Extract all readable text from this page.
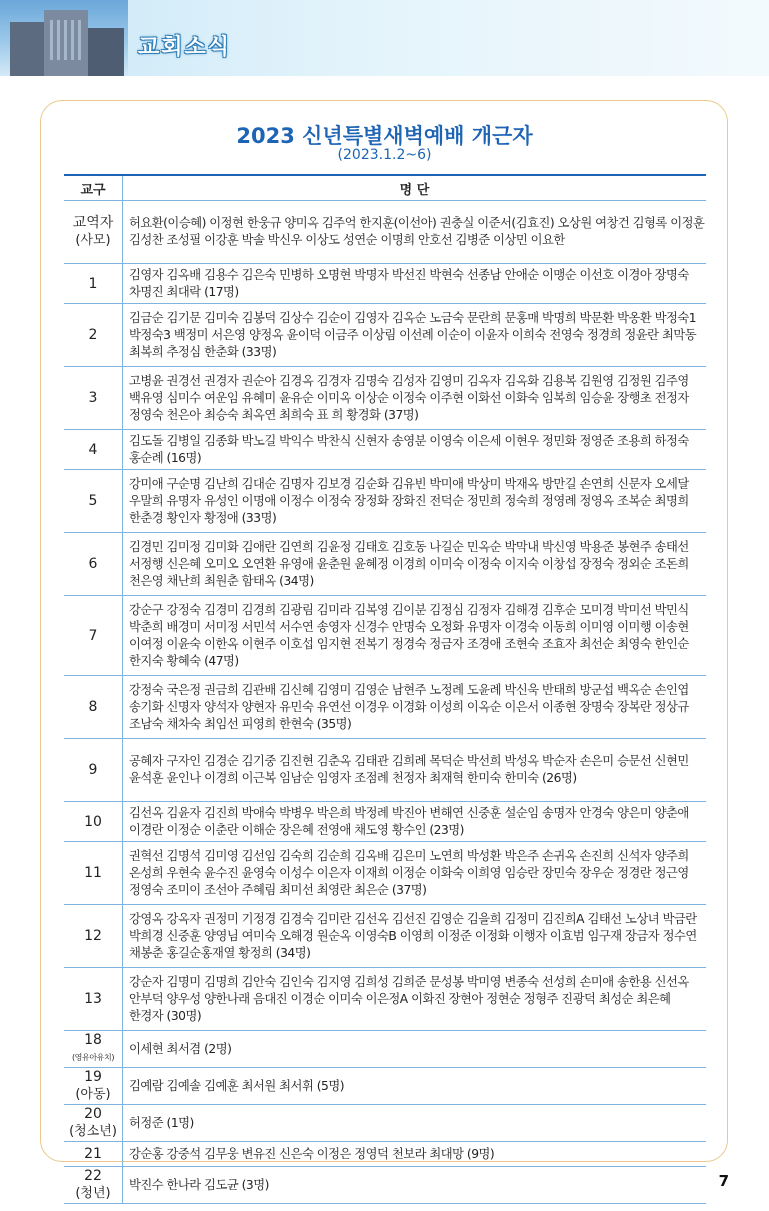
교회소식
2023 신년특별새벽예배 개근자
(2023.1.2~6)
교구	명 단

교역자
(사모)	허요환(이승혜) 이정현 한웅규 양미옥 김주억 한지훈(이선아) 권충실 이준서(김효진) 오상원 여창건 김형록 이정훈 김성찬 조성필 이강훈 박솔 박신우 이상도 성연순 이명희 안호선 김병준 이상민 이요한

1	김영자 김옥배 김용수 김은숙 민병하 오명현 박명자 박선진 박현숙 선종남 안애순 이맹순 이선호 이경아 장명숙 차명진 최대락 (17명)

2	김금순 김기문 김미숙 김봉덕 김상수 김순이 김영자 김옥순 노금숙 문란희 문홍매 박명희 박문환 박옹환 박정숙1 박정숙3 백정미 서은영 양정옥 윤이덕 이금주 이상림 이선례 이순이 이윤자 이희숙 전영숙 정경희 정윤란 최막동 최복희 추정심 한춘화 (33명)

3	고병윤 권경선 권경자 권순아 김경옥 김경자 김명숙 김성자 김영미 김옥자 김옥화 김용복 김원영 김정원 김주영 백유영 심미수 여운임 유혜미 윤유순 이미옥 이상순 이정숙 이주현 이화선 이화숙 임복희 임승윤 장행초 전정자 정영숙 천은아 최승숙 최옥연 최희숙 표 희 황경화 (37명)

4	김도돌 김병일 김종화 박노길 박익수 박찬식 신현자 송영분 이영숙 이은세 이현우 정민화 정영준 조용희 하정숙 홍순례 (16명)

5	강미애 구순명 김난희 김대순 김명자 김보경 김순화 김유빈 박미애 박상미 박재옥 방만길 손연희 신문자 오세달 우말희 유명자 유성인 이명애 이정수 이정숙 장정화 장화진 전덕순 정민희 정숙희 정영례 정영옥 조복순 최명희 한춘경 황인자 황정애 (33명)

6	김경민 김미정 김미화 김애란 김연희 김윤정 김태호 김호동 나길순 민옥순 박막내 박신영 박용준 봉현주 송태선 서정행 신은혜 오미오 오연환 유영애 윤춘원 윤혜정 이경희 이미숙 이정숙 이지숙 이창섭 장정숙 정외순 조돈희 천은영 채난희 최원춘 함태옥 (34명)

7	강순구 강정숙 김경미 김경희 김광림 김미라 김복영 김이분 김정심 김정자 김해경 김후순 모미경 박미선 박민식 박춘희 배경미 서미정 서민석 서수연 송영자 신경수 안명숙 오정화 유명자 이경숙 이동희 이미영 이미행 이송현 이여정 이윤숙 이한옥 이현주 이호섭 임지현 전복기 정경숙 정금자 조경애 조현숙 조효자 최선순 최영숙 한인순 한지숙 황혜숙 (47명)

8	강정숙 국은정 권금희 김관배 김신혜 김영미 김영순 남현주 노정례 도윤례 박신욱 반태희 방군섭 백옥순 손인엽 송기화 신명자 양석자 양현자 유민숙 유연선 이경우 이경화 이성희 이옥순 이은서 이종현 장명숙 장복란 정상규 조남숙 채차숙 최임선 피영희 한현숙 (35명)

9	공혜자 구자인 김경순 김기중 김진현 김춘옥 김태관 김희례 목덕순 박선희 박성옥 박순자 손은미 승문선 신현민 윤석훈 윤인나 이경희 이근복 임남순 임영자 조점례 천정자 최재혁 한미숙 한미숙 (26명)

10	김선옥 김윤자 김진희 박애숙 박병우 박은희 박정례 박진아 변해연 신중훈 설순임 송명자 안경숙 양은미 양춘애 이경란 이정순 이춘란 이해순 장은혜 전영애 채도영 황수인 (23명)

11	권혁선 김명석 김미영 김선임 김숙희 김순희 김옥배 김은미 노연희 박성환 박은주 손귀옥 손진희 신석자 양주희 온성희 우현숙 윤수진 윤영숙 이성수 이은자 이재희 이정순 이화숙 이희영 임승란 장민숙 장우순 정경란 정근영 정영숙 조미이 조선아 주혜림 최미선 최영란 최은순 (37명)

12	강영옥 강옥자 권정미 기정경 김경숙 김미란 김선옥 김선진 김영순 김을희 김정미 김진희A 김태선 노상녀 박금란 박희경 신중훈 양영님 여미숙 오해경 원순옥 이영숙B 이영희 이정준 이정화 이행자 이효범 임구재 장금자 정수연 채봉춘 홍길순홍재열 황정희 (34명)

13	강순자 김명미 김명희 김안숙 김인숙 김지영 김희성 김희준 문성봉 박미영 변종숙 선성희 손미애 송한용 신선옥 안부덕 양우성 양한나래 음대진 이경순 이미숙 이은정A 이화진 장현아 정현순 정형주 진광덕 최성순 최은혜 한경자 (30명)

18
(영유아유치)	이세현 최서겸 (2명)

19
(아동)	김예람 김예솔 김예훈 최서원 최서휘 (5명)

20
(청소년)	허정준 (1명)

21	강순홍 강중석 김무웅 변유진 신은숙 이정은 정영덕 천보라 최대망 (9명)

22
(청년)	박진수 한나라 김도균 (3명)	7
